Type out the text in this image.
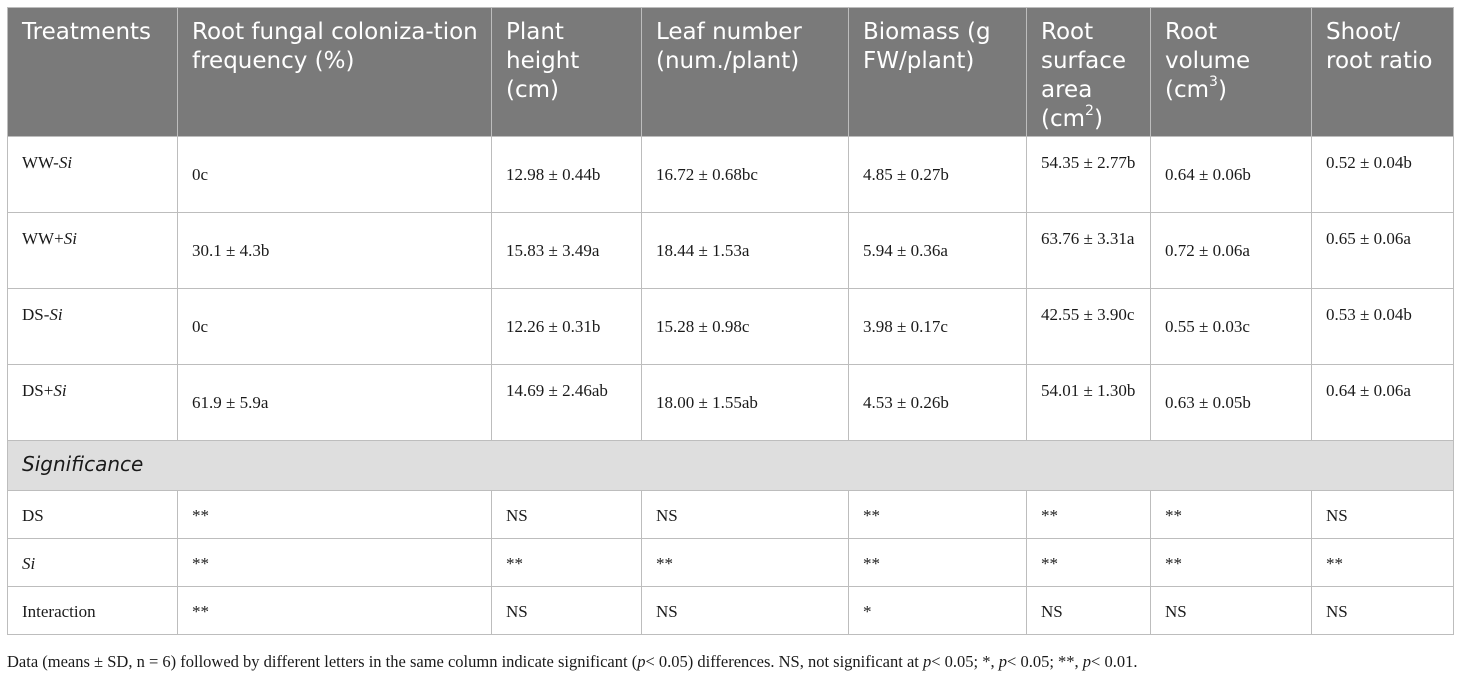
Treatments	Root fungal coloniza-tion frequency (%)	Plant height (cm)	Leaf number (num./plant)	Biomass (g FW/plant)	Root surface area $(cm^2)$	Root volume $(cm^3)$	Shoot/ root ratio
WW-Si	0c	12.98 ± 0.44b	16.72 ± 0.68bc	4.85 ± 0.27b	54.35 ± 2.77b	0.64 ± 0.06b	0.52 ± 0.04b
WW+Si	30.1 ± 4.3b	15.83 ± 3.49a	18.44 ± 1.53a	5.94 ± 0.36a	63.76 ± 3.31a	0.72 ± 0.06a	0.65 ± 0.06a
DS-Si	0c	12.26 ± 0.31b	15.28 ± 0.98c	3.98 ± 0.17c	42.55 ± 3.90c	0.55 ± 0.03c	0.53 ± 0.04b
DS+Si	61.9 ± 5.9a	14.69 ± 2.46ab	18.00 ± 1.55ab	4.53 ± 0.26b	54.01 ± 1.30b	0.63 ± 0.05b	0.64 ± 0.06a
Significance							
DS	**	NS	NS	**	**	**	NS
Si	**	**	**	**	**	**	**
Interaction	**	NS	NS	*	NS	NS	NS
Data (means ± SD, n = 6) followed by different letters in the same column indicate significant (p< 0.05) differences. NS, not significant at p< 0.05; *, p< 0.05; **, p< 0.01.
